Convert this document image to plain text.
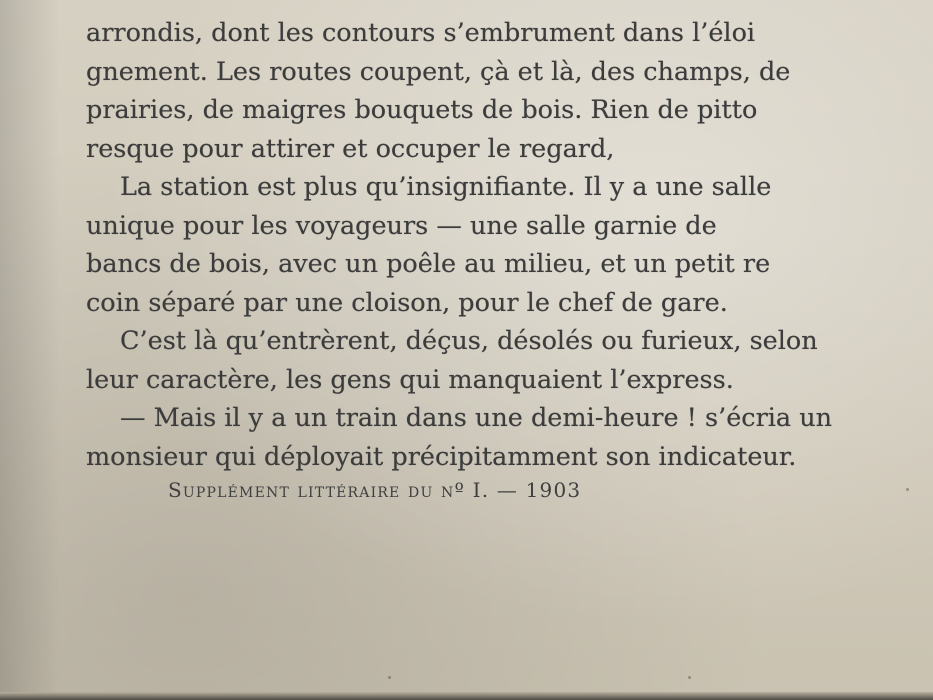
arrondis, dont les contours s’embrument dans l’éloi
gnement. Les routes coupent, çà et là, des champs, de
prairies, de maigres bouquets de bois. Rien de pitto
resque pour attirer et occuper le regard,
La station est plus qu’insignifiante. Il y a une salle
unique pour les voyageurs — une salle garnie de
bancs de bois, avec un poêle au milieu, et un petit re
coin séparé par une cloison, pour le chef de gare.
C’est là qu’entrèrent, déçus, désolés ou furieux, selon
leur caractère, les gens qui manquaient l’express.
— Mais il y a un train dans une demi-heure ! s’écria un
monsieur qui déployait précipitamment son indicateur.
Supplément littéraire du nº I. — 1903
